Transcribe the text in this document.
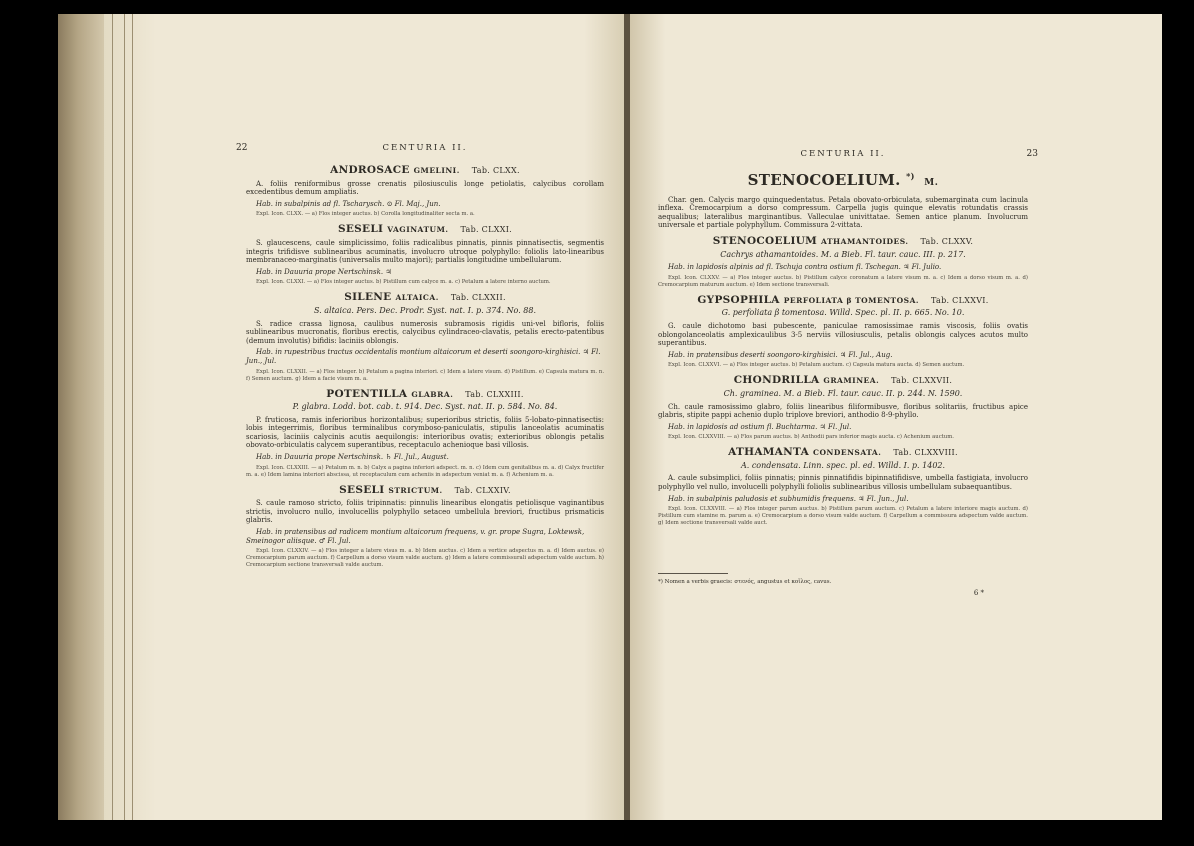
22	CENTURIA II.
ANDROSACE GMELINI. Tab. CLXX.

A. foliis reniformibus grosse crenatis pilosiusculis longe petiolatis, calycibus corollam excedentibus demum ampliatis.

Hab. in subalpinis ad fl. Tscharysch. ⊙ Fl. Maj., Jun.

Expl. Icon. CLXX. — a) Flos integer auctus. b) Corolla longitudinaliter secta m. a.

SESELI VAGINATUM. Tab. CLXXI.

S. glaucescens, caule simplicissimo, foliis radicalibus pinnatis, pinnis pinnatisectis, segmentis integris trifidisve sublinearibus acuminatis, involucro utroque polyphyllo: foliolis lato-linearibus membranaceo-marginatis (universalis multo majori); partialis longitudine umbellularum.

Hab. in Dauuria prope Nertschinsk. ♃

Expl. Icon. CLXXI. — a) Flos integer auctus. b) Pistillum cum calyce m. a. c) Petalum a latere interno auctum.

SILENE ALTAICA. Tab. CLXXII.
S. altaica. Pers. Dec. Prodr. Syst. nat. I. p. 374. No. 88.

S. radice crassa lignosa, caulibus numerosis subramosis rigidis uni-vel bifloris, foliis sublinearibus mucronatis, floribus erectis, calycibus cylindraceo-clavatis, petalis erecto-patentibus (demum involutis) bifidis: laciniis oblongis.

Hab. in rupestribus tractus occidentalis montium altaicorum et deserti soongoro-kirghisici. ♃ Fl. Jun., Jul.

Expl. Icon. CLXXII. — a) Flos integer. b) Petalum a pagina interiori. c) Idem a latere visum. d) Pistillum. e) Capsula matura m. n. f) Semen auctum. g) Idem a facie visum m. a.

POTENTILLA GLABRA. Tab. CLXXIII.
P. glabra. Lodd. bot. cab. t. 914. Dec. Syst. nat. II. p. 584. No. 84.

P. fruticosa, ramis inferioribus horizontalibus; superioribus strictis, foliis 5-lobato-pinnatisectis: lobis integerrimis, floribus terminalibus corymboso-paniculatis, stipulis lanceolatis acuminatis scariosis, laciniis calycinis acutis aequilongis: interioribus ovatis; exterioribus oblongis petalis obovato-orbiculatis calycem superantibus, receptaculo achenioque basi villosis.

Hab. in Dauuria prope Nertschinsk. ♄ Fl. Jul., August.

Expl. Icon. CLXXIII. — a) Petalum m. n. b) Calyx a pagina inferiori adspect. m. n. c) Idem cum genitalibus m. a. d) Calyx fructifer m. a. e) Idem lamina interiori abscissa, ut receptaculum cum acheniis in adspectum veniat m. a. f) Achenium m. a.

SESELI STRICTUM. Tab. CLXXIV.

S. caule ramoso stricto, foliis tripinnatis: pinnulis linearibus elongatis petiolisque vaginantibus strictis, involucro nullo, involucellis polyphyllo setaceo umbellula breviori, fructibus prismaticis glabris.

Hab. in pratensibus ad radicem montium altaicorum frequens, v. gr. prope Sugra, Loktewsk, Smeinogor aliisque. ♂ Fl. Jul.

Expl. Icon. CLXXIV. — a) Flos integer a latere visus m. a. b) Idem auctus. c) Idem a vertice adspectus m. a. d) Idem auctus. e) Cremocarpium parum auctum. f) Carpellum a dorso visum valde auctum. g) Idem a latere commissurali adspectum valde auctum. h) Cremocarpium sectione transversali valde auctum.

CENTURIA II.	23
STENOCOELIUM. *) M.

Char. gen. Calycis margo quinquedentatus. Petala obovato-orbiculata, subemarginata cum lacinula inflexa. Cremocarpium a dorso compressum. Carpella jugis quinque elevatis rotundatis crassis aequalibus; lateralibus marginantibus. Valleculae univittatae. Semen antice planum. Involucrum universale et partiale polyphyllum. Commissura 2-vittata.

STENOCOELIUM ATHAMANTOIDES. Tab. CLXXV.
Cachrys athamantoides. M. a Bieb. Fl. taur. cauc. III. p. 217.

Hab. in lapidosis alpinis ad fl. Tschuja contra ostium fl. Tschegan. ♃ Fl. Julio.

Expl. Icon. CLXXV. — a) Flos integer auctus. b) Pistillum calyce coronatum a latere visum m. a. c) Idem a dorso visum m. a. d) Cremocarpium maturum auctum. e) Idem sectione transversali.

GYPSOPHILA PERFOLIATA β TOMENTOSA. Tab. CLXXVI.
G. perfoliata β tomentosa. Willd. Spec. pl. II. p. 665. No. 10.

G. caule dichotomo basi pubescente, paniculae ramosissimae ramis viscosis, foliis ovatis oblongolanceolatis amplexicaulibus 3-5 nerviis villosiusculis, petalis oblongis calyces acutos multo superantibus.

Hab. in pratensibus deserti soongoro-kirghisici. ♃ Fl. Jul., Aug.

Expl. Icon. CLXXVI. — a) Flos integer auctus. b) Petalum auctum. c) Capsula matura aucta. d) Semen auctum.

CHONDRILLA GRAMINEA. Tab. CLXXVII.
Ch. graminea. M. a Bieb. Fl. taur. cauc. II. p. 244. N. 1590.

Ch. caule ramosissimo glabro, foliis linearibus filiformibusve, floribus solitariis, fructibus apice glabris, stipite pappi achenio duplo triplove breviori, anthodio 8-9-phyllo.

Hab. in lapidosis ad ostium fl. Buchtarma. ♃ Fl. Jul.

Expl. Icon. CLXXVIII. — a) Flos parum auctus. b) Anthodii pars inferior magis aucta. c) Achenium auctum.

ATHAMANTA CONDENSATA. Tab. CLXXVIII.
A. condensata. Linn. spec. pl. ed. Willd. I. p. 1402.

A. caule subsimplici, foliis pinnatis; pinnis pinnatifidis bipinnatifidisve, umbella fastigiata, involucro polyphyllo vel nullo, involucelli polyphylli foliolis sublinearibus villosis umbellulam subaequantibus.

Hab. in subalpinis paludosis et subhumidis frequens. ♃ Fl. Jun., Jul.

Expl. Icon. CLXXVIII. — a) Flos integer parum auctus. b) Pistillum parum auctum. c) Petalum a latere interiore magis auctum. d) Pistillum cum stamine m. parum a. e) Cremocarpium a dorso visum valde auctum. f) Carpellum a commissura adspectum valde auctum. g) Idem sectione transversali valde auct.

*) Nomen a verbis graecis: στενός, angustus et κοῖλος, cavus.
6 *
